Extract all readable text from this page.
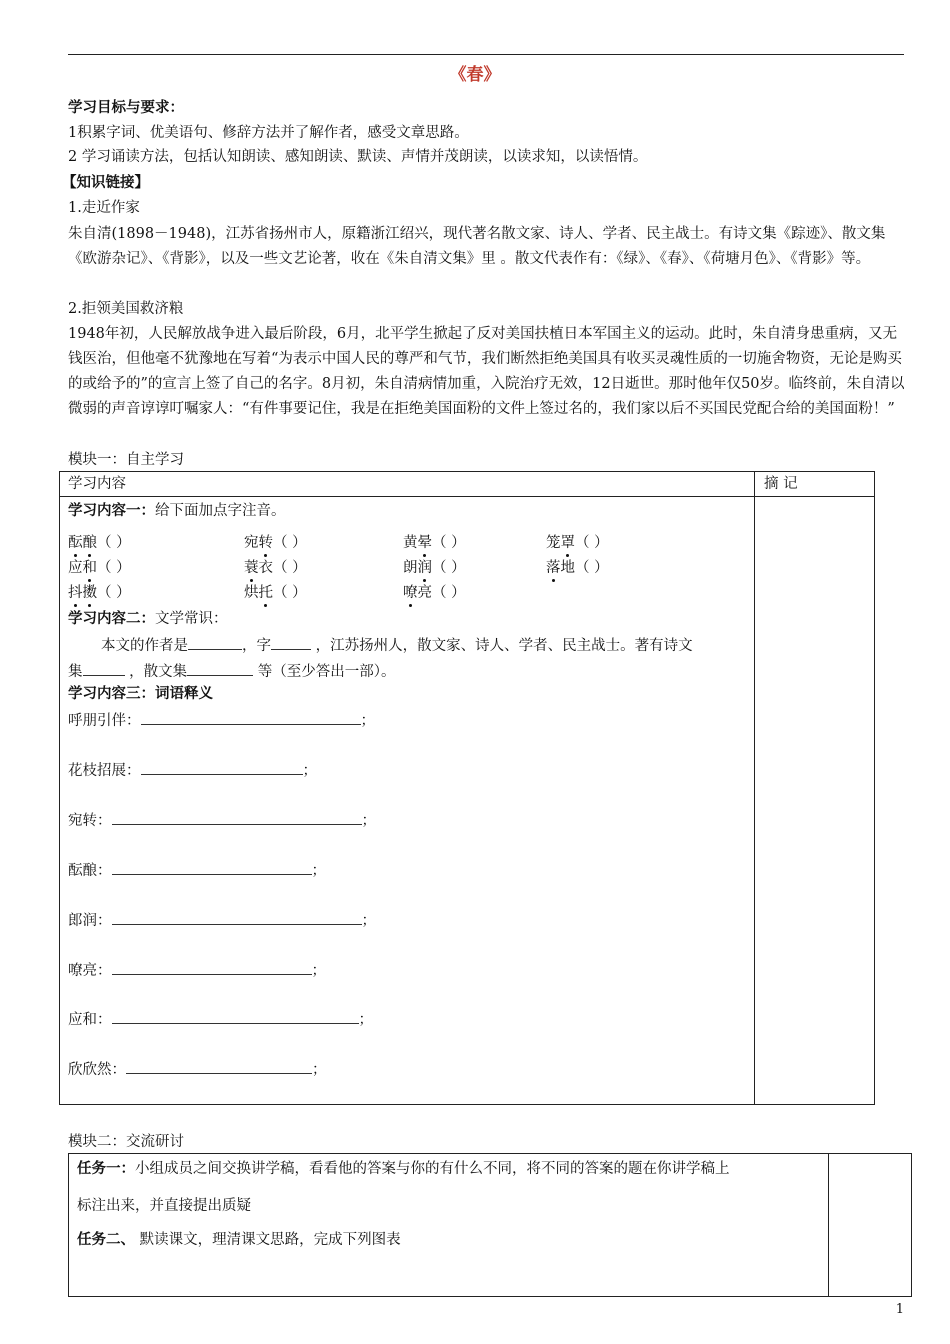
《春》
学习目标与要求：
1积累字词、优美语句、修辞方法并了解作者，感受文章思路。
2 学习诵读方法，包括认知朗读、感知朗读、默读、声情并茂朗读，以读求知，以读悟情。
【知识链接】
1.走近作家
朱自清(1898－1948)，江苏省扬州市人，原籍浙江绍兴，现代著名散文家、诗人、学者、民主战士。有诗文集《踪迹》、散文集《欧游杂记》、《背影》，以及一些文艺论著，收在《朱自清文集》里 。散文代表作有：《绿》、《春》、《荷塘月色》、《背影》等。
2.拒领美国救济粮
1948年初，人民解放战争进入最后阶段，6月，北平学生掀起了反对美国扶植日本军国主义的运动。此时，朱自清身患重病，又无钱医治，但他毫不犹豫地在写着“为表示中国人民的尊严和气节，我们断然拒绝美国具有收买灵魂性质的一切施舍物资，无论是购买的或给予的”的宣言上签了自己的名字。8月初，朱自清病情加重，入院治疗无效，12日逝世。那时他年仅50岁。临终前，朱自清以微弱的声音谆谆叮嘱家人：“有件事要记住，我是在拒绝美国面粉的文件上签过名的，我们家以后不买国民党配合给的美国面粉！”
模块一：自主学习
学习内容	摘 记
学习内容一：给下面加点字注音。
酝酿（ ）	宛转（ ）	黄晕（ ）	笼罩（ ）
应和（ ）	蓑衣（ ）	朗润（ ）	落地（ ）
抖擞（ ）	烘托（ ）	嘹亮（ ）
学习内容二：文学常识：
本文的作者是	，字	，江苏扬州人，散文家、诗人、学者、民主战士。著有诗文
集	，散文集	等（至少答出一部）。
学习内容三：词语释义
呼朋引伴：	；
花枝招展：	；
宛转：	；
酝酿：	；
郎润：	；
嘹亮：	；
应和：	；
欣欣然：	；
模块二：交流研讨
任务一：小组成员之间交换讲学稿，看看他的答案与你的有什么不同，将不同的答案的题在你讲学稿上
标注出来，并直接提出质疑
任务二、 默读课文，理清课文思路，完成下列图表
1
